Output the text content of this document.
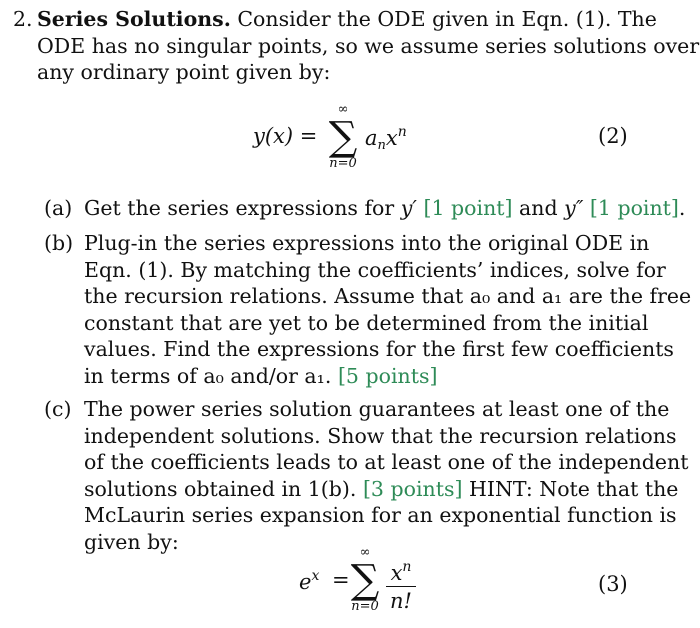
2. Series Solutions. Consider the ODE given in Eqn. (1). The
ODE has no singular points, so we assume series solutions over
any ordinary point given by:
y(x) =
∞
∑
n=0
$a_nx^n$	(2)
(a) Get the series expressions for y′ [1 point] and y″ [1 point].
(b) Plug-in the series expressions into the original ODE in
Eqn. (1). By matching the coefficients’ indices, solve for
the recursion relations. Assume that a₀ and a₁ are the free
constant that are yet to be determined from the initial
values. Find the expressions for the first few coefficients
in terms of a₀ and/or a₁. [5 points]
(c) The power series solution guarantees at least one of the
independent solutions. Show that the recursion relations
of the coefficients leads to at least one of the independent
solutions obtained in 1(b). [3 points] HINT: Note that the
McLaurin series expansion for an exponential function is
given by:
$e^x$ =
∞
∑
n=0
$x^n$
n!
(3)
